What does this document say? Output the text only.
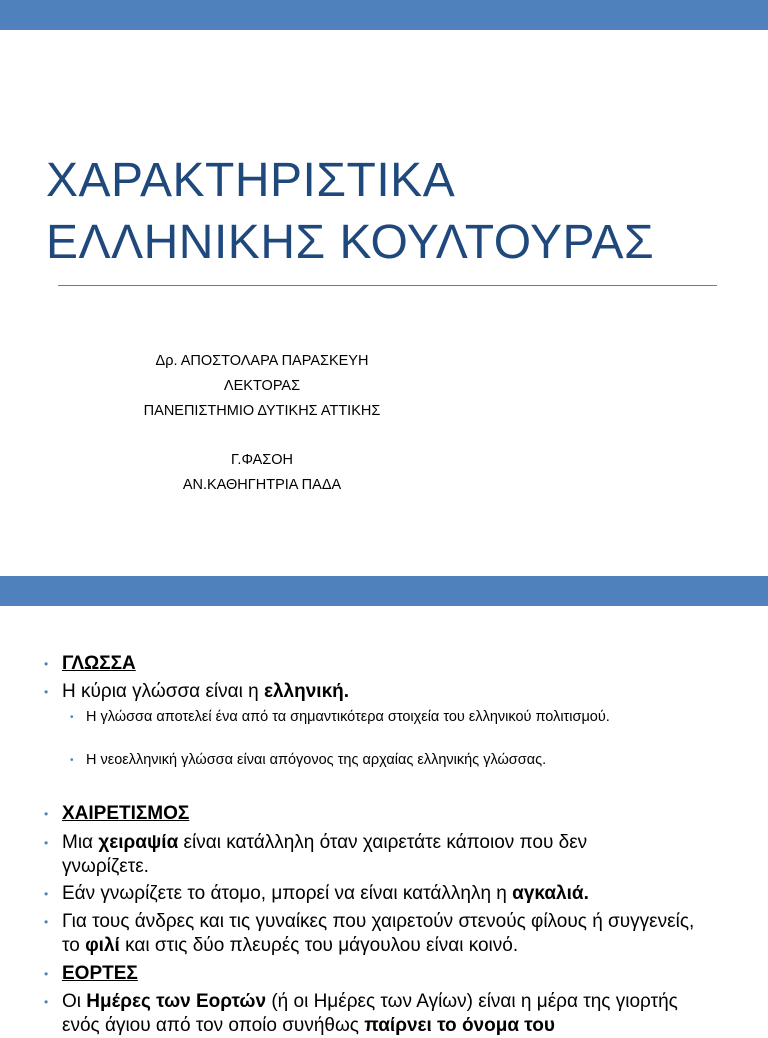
ΧΑΡΑΚΤΗΡΙΣΤΙΚΑ
ΕΛΛΗΝΙΚΗΣ ΚΟΥΛΤΟΥΡΑΣ
Δρ. ΑΠΟΣΤΟΛΑΡΑ ΠΑΡΑΣΚΕΥΗ
ΛΕΚΤΟΡΑΣ
ΠΑΝΕΠΙΣΤΗΜΙΟ ΔΥΤΙΚΗΣ ΑΤΤΙΚΗΣ
Γ.ΦΑΣΟΗ
ΑΝ.ΚΑΘΗΓΗΤΡΙΑ ΠΑΔΑ
• ΓΛΩΣΣΑ
• Η κύρια γλώσσα είναι η ελληνική.
• Η γλώσσα αποτελεί ένα από τα σημαντικότερα στοιχεία του ελληνικού πολιτισμού.
• Η νεοελληνική γλώσσα είναι απόγονος της αρχαίας ελληνικής γλώσσας.
• ΧΑΙΡΕΤΙΣΜΟΣ
• Μια χειραψία είναι κατάλληλη όταν χαιρετάτε κάποιον που δεν γνωρίζετε.
• Εάν γνωρίζετε το άτομο, μπορεί να είναι κατάλληλη η αγκαλιά.
• Για τους άνδρες και τις γυναίκες που χαιρετούν στενούς φίλους ή συγγενείς, το φιλί και στις δύο πλευρές του μάγουλου είναι κοινό.
• ΕΟΡΤΕΣ
• Οι Ημέρες των Εορτών (ή οι Ημέρες των Αγίων) είναι η μέρα της γιορτής ενός άγιου από τον οποίο συνήθως παίρνει το όνομα του
